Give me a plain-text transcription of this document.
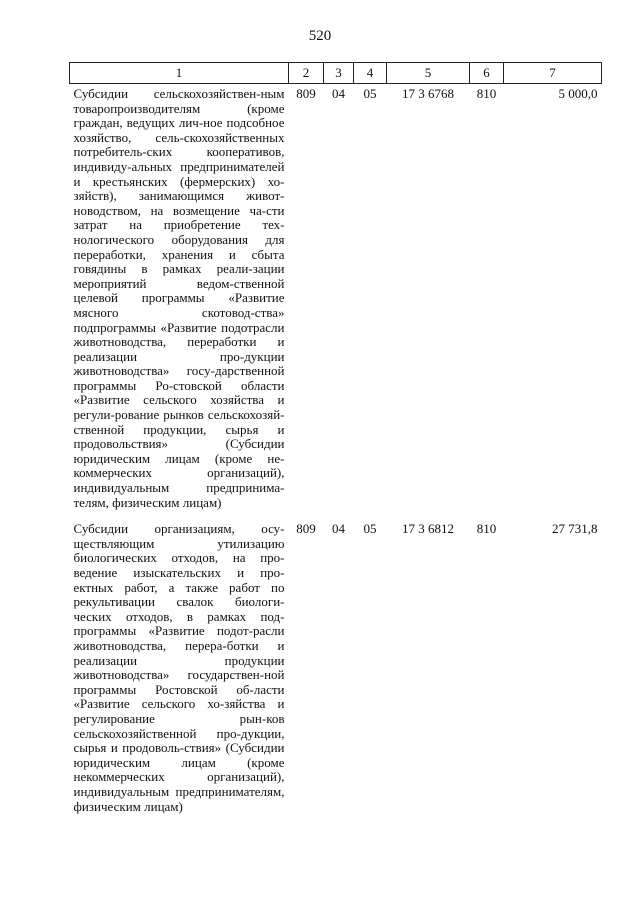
520
1	2	3	4	5	6	7
Субсидии сельскохозяйствен-ным товаропроизводителям (кроме граждан, ведущих лич-ное подсобное хозяйство, сель-скохозяйственных потребитель-ских кооперативов, индивиду-альных предпринимателей и крестьянских (фермерских) хо-зяйств), занимающимся живот-новодством, на возмещение ча-сти затрат на приобретение тех-нологического оборудования для переработки, хранения и сбыта говядины в рамках реали-зации мероприятий ведом-ственной целевой программы «Развитие мясного скотовод-ства» подпрограммы «Развитие подотрасли животноводства, переработки и реализации про-дукции животноводства» госу-дарственной программы Ро-стовской области «Развитие сельского хозяйства и регули-рование рынков сельскохозяй-ственной продукции, сырья и продовольствия» (Субсидии юридическим лицам (кроме не-коммерческих организаций), индивидуальным предпринима-телям, физическим лицам)	809	04	05	17 3 6768	810	5 000,0
Субсидии организациям, осу-ществляющим утилизацию биологических отходов, на про-ведение изыскательских и про-ектных работ, а также работ по рекультивации свалок биологи-ческих отходов, в рамках под-программы «Развитие подот-расли животноводства, перера-ботки и реализации продукции животноводства» государствен-ной программы Ростовской об-ласти «Развитие сельского хо-зяйства и регулирование рын-ков сельскохозяйственной про-дукции, сырья и продоволь-ствия» (Субсидии юридическим лицам (кроме некоммерческих организаций), индивидуальным предпринимателям, физическим лицам)	809	04	05	17 3 6812	810	27 731,8
